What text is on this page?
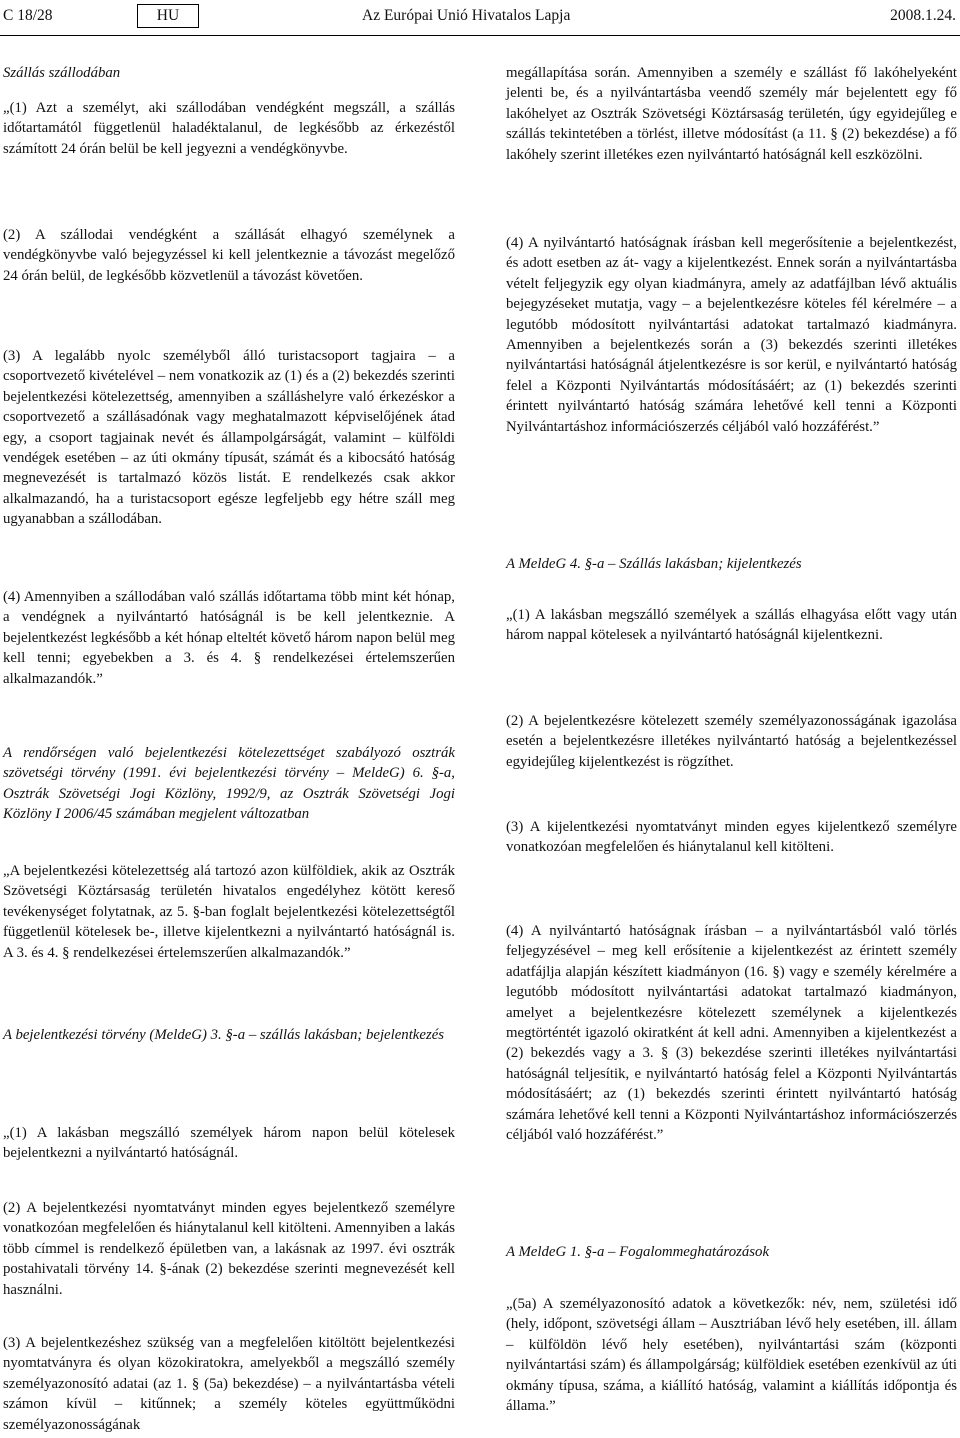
C 18/28	HU	Az Európai Unió Hivatalos Lapja	2008.1.24.

Szállás szállodában

„(1) Azt a személyt, aki szállodában vendégként megszáll, a szállás időtartamától függetlenül haladéktalanul, de legkésőbb az érkezéstől számított 24 órán belül be kell jegyezni a vendégkönyvbe.

(2) A szállodai vendégként a szállását elhagyó személynek a vendégkönyvbe való bejegyzéssel ki kell jelentkeznie a távozást megelőző 24 órán belül, de legkésőbb közvetlenül a távozást követően.

(3) A legalább nyolc személyből álló turistacsoport tagjaira – a csoportvezető kivételével – nem vonatkozik az (1) és a (2) bekezdés szerinti bejelentkezési kötelezettség, amennyiben a szálláshelyre való érkezéskor a csoportvezető a szállásadónak vagy meghatalmazott képviselőjének átad egy, a csoport tagjainak nevét és állampolgárságát, valamint – külföldi vendégek esetében – az úti okmány típusát, számát és a kibocsátó hatóság megnevezését is tartalmazó közös listát. E rendelkezés csak akkor alkalmazandó, ha a turistacsoport egésze legfeljebb egy hétre száll meg ugyanabban a szállodában.

(4) Amennyiben a szállodában való szállás időtartama több mint két hónap, a vendégnek a nyilvántartó hatóságnál is be kell jelentkeznie. A bejelentkezést legkésőbb a két hónap elteltét követő három napon belül meg kell tenni; egyebekben a 3. és 4. § rendelkezései értelemszerűen alkalmazandók.”

A rendőrségen való bejelentkezési kötelezettséget szabályozó osztrák szövetségi törvény (1991. évi bejelentkezési törvény – MeldeG) 6. §-a, Osztrák Szövetségi Jogi Közlöny, 1992/9, az Osztrák Szövetségi Jogi Közlöny I 2006/45 számában megjelent változatban

„A bejelentkezési kötelezettség alá tartozó azon külföldiek, akik az Osztrák Szövetségi Köztársaság területén hivatalos engedélyhez kötött kereső tevékenységet folytatnak, az 5. §-ban foglalt bejelentkezési kötelezettségtől függetlenül kötelesek be-, illetve kijelentkezni a nyilvántartó hatóságnál is. A 3. és 4. § rendelkezései értelemszerűen alkalmazandók.”

A bejelentkezési törvény (MeldeG) 3. §-a – szállás lakásban; bejelentkezés

„(1) A lakásban megszálló személyek három napon belül kötelesek bejelentkezni a nyilvántartó hatóságnál.

(2) A bejelentkezési nyomtatványt minden egyes bejelentkező személyre vonatkozóan megfelelően és hiánytalanul kell kitölteni. Amennyiben a lakás több címmel is rendelkező épületben van, a lakásnak az 1997. évi osztrák postahivatali törvény 14. §-ának (2) bekezdése szerinti megnevezését kell használni.

(3) A bejelentkezéshez szükség van a megfelelően kitöltött bejelentkezési nyomtatványra és olyan közokiratokra, amelyekből a megszálló személy személyazonosító adatai (az 1. § (5a) bekezdése) – a nyilvántartásba vételi számon kívül – kitűnnek; a személy köteles együttműködni személyazonosságának

megállapítása során. Amennyiben a személy e szállást fő lakóhelyeként jelenti be, és a nyilvántartásba veendő személy már bejelentett egy fő lakóhelyet az Osztrák Szövetségi Köztársaság területén, úgy egyidejűleg e szállás tekintetében a törlést, illetve módosítást (a 11. § (2) bekezdése) a fő lakóhely szerint illetékes ezen nyilvántartó hatóságnál kell eszközölni.

(4) A nyilvántartó hatóságnak írásban kell megerősítenie a bejelentkezést, és adott esetben az át- vagy a kijelentkezést. Ennek során a nyilvántartásba vételt feljegyzik egy olyan kiadmányra, amely az adatfájlban lévő aktuális bejegyzéseket mutatja, vagy – a bejelentkezésre köteles fél kérelmére – a legutóbb módosított nyilvántartási adatokat tartalmazó kiadmányra. Amennyiben a bejelentkezés során a (3) bekezdés szerinti illetékes nyilvántartási hatóságnál átjelentkezésre is sor kerül, e nyilvántartó hatóság felel a Központi Nyilvántartás módosításáért; az (1) bekezdés szerinti érintett nyilvántartó hatóság számára lehetővé kell tenni a Központi Nyilvántartáshoz információszerzés céljából való hozzáférést.”

A MeldeG 4. §-a – Szállás lakásban; kijelentkezés

„(1) A lakásban megszálló személyek a szállás elhagyása előtt vagy után három nappal kötelesek a nyilvántartó hatóságnál kijelentkezni.

(2) A bejelentkezésre kötelezett személy személyazonosságának igazolása esetén a bejelentkezésre illetékes nyilvántartó hatóság a bejelentkezéssel egyidejűleg kijelentkezést is rögzíthet.

(3) A kijelentkezési nyomtatványt minden egyes kijelentkező személyre vonatkozóan megfelelően és hiánytalanul kell kitölteni.

(4) A nyilvántartó hatóságnak írásban – a nyilvántartásból való törlés feljegyzésével – meg kell erősítenie a kijelentkezést az érintett személy adatfájlja alapján készített kiadmányon (16. §) vagy e személy kérelmére a legutóbb módosított nyilvántartási adatokat tartalmazó kiadmányon, amelyet a bejelentkezésre kötelezett személynek a kijelentkezés megtörténtét igazoló okiratként át kell adni. Amennyiben a kijelentkezést a (2) bekezdés vagy a 3. § (3) bekezdése szerinti illetékes nyilvántartási hatóságnál teljesítik, e nyilvántartó hatóság felel a Központi Nyilvántartás módosításáért; az (1) bekezdés szerinti érintett nyilvántartó hatóság számára lehetővé kell tenni a Központi Nyilvántartáshoz információszerzés céljából való hozzáférést.”

A MeldeG 1. §-a – Fogalommeghatározások

„(5a) A személyazonosító adatok a következők: név, nem, születési idő (hely, időpont, szövetségi állam – Ausztriában lévő hely esetében, ill. állam – külföldön lévő hely esetében), nyilvántartási szám (központi nyilvántartási szám) és állampolgárság; külföldiek esetében ezenkívül az úti okmány típusa, száma, a kiállító hatóság, valamint a kiállítás időpontja és állama.”
